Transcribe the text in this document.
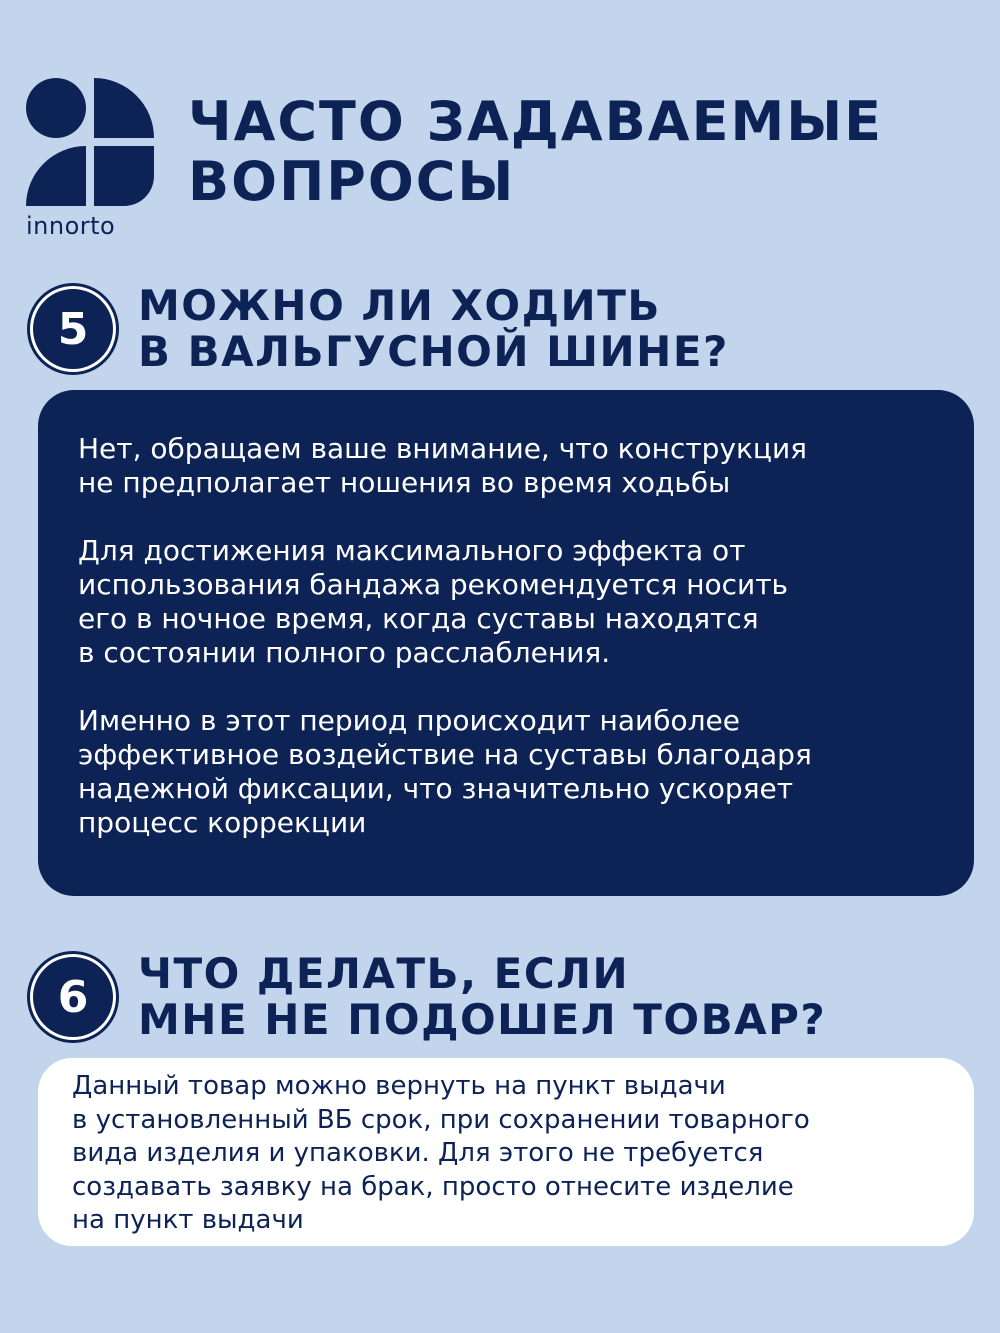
innorto
ЧАСТО ЗАДАВАЕМЫЕ
ВОПРОСЫ
5	МОЖНО ЛИ ХОДИТЬ
В ВАЛЬГУСНОЙ ШИНЕ?

Нет, обращаем ваше внимание, что конструкция
не предполагает ношения во время ходьбы

Для достижения максимального эффекта от
использования бандажа рекомендуется носить
его в ночное время, когда суставы находятся
в состоянии полного расслабления.

Именно в этот период происходит наиболее
эффективное воздействие на суставы благодаря
надежной фиксации, что значительно ускоряет
процесс коррекции

6	ЧТО ДЕЛАТЬ, ЕСЛИ
МНЕ НЕ ПОДОШЕЛ ТОВАР?

Данный товар можно вернуть на пункт выдачи
в установленный ВБ срок, при сохранении товарного
вида изделия и упаковки. Для этого не требуется
создавать заявку на брак, просто отнесите изделие
на пункт выдачи
